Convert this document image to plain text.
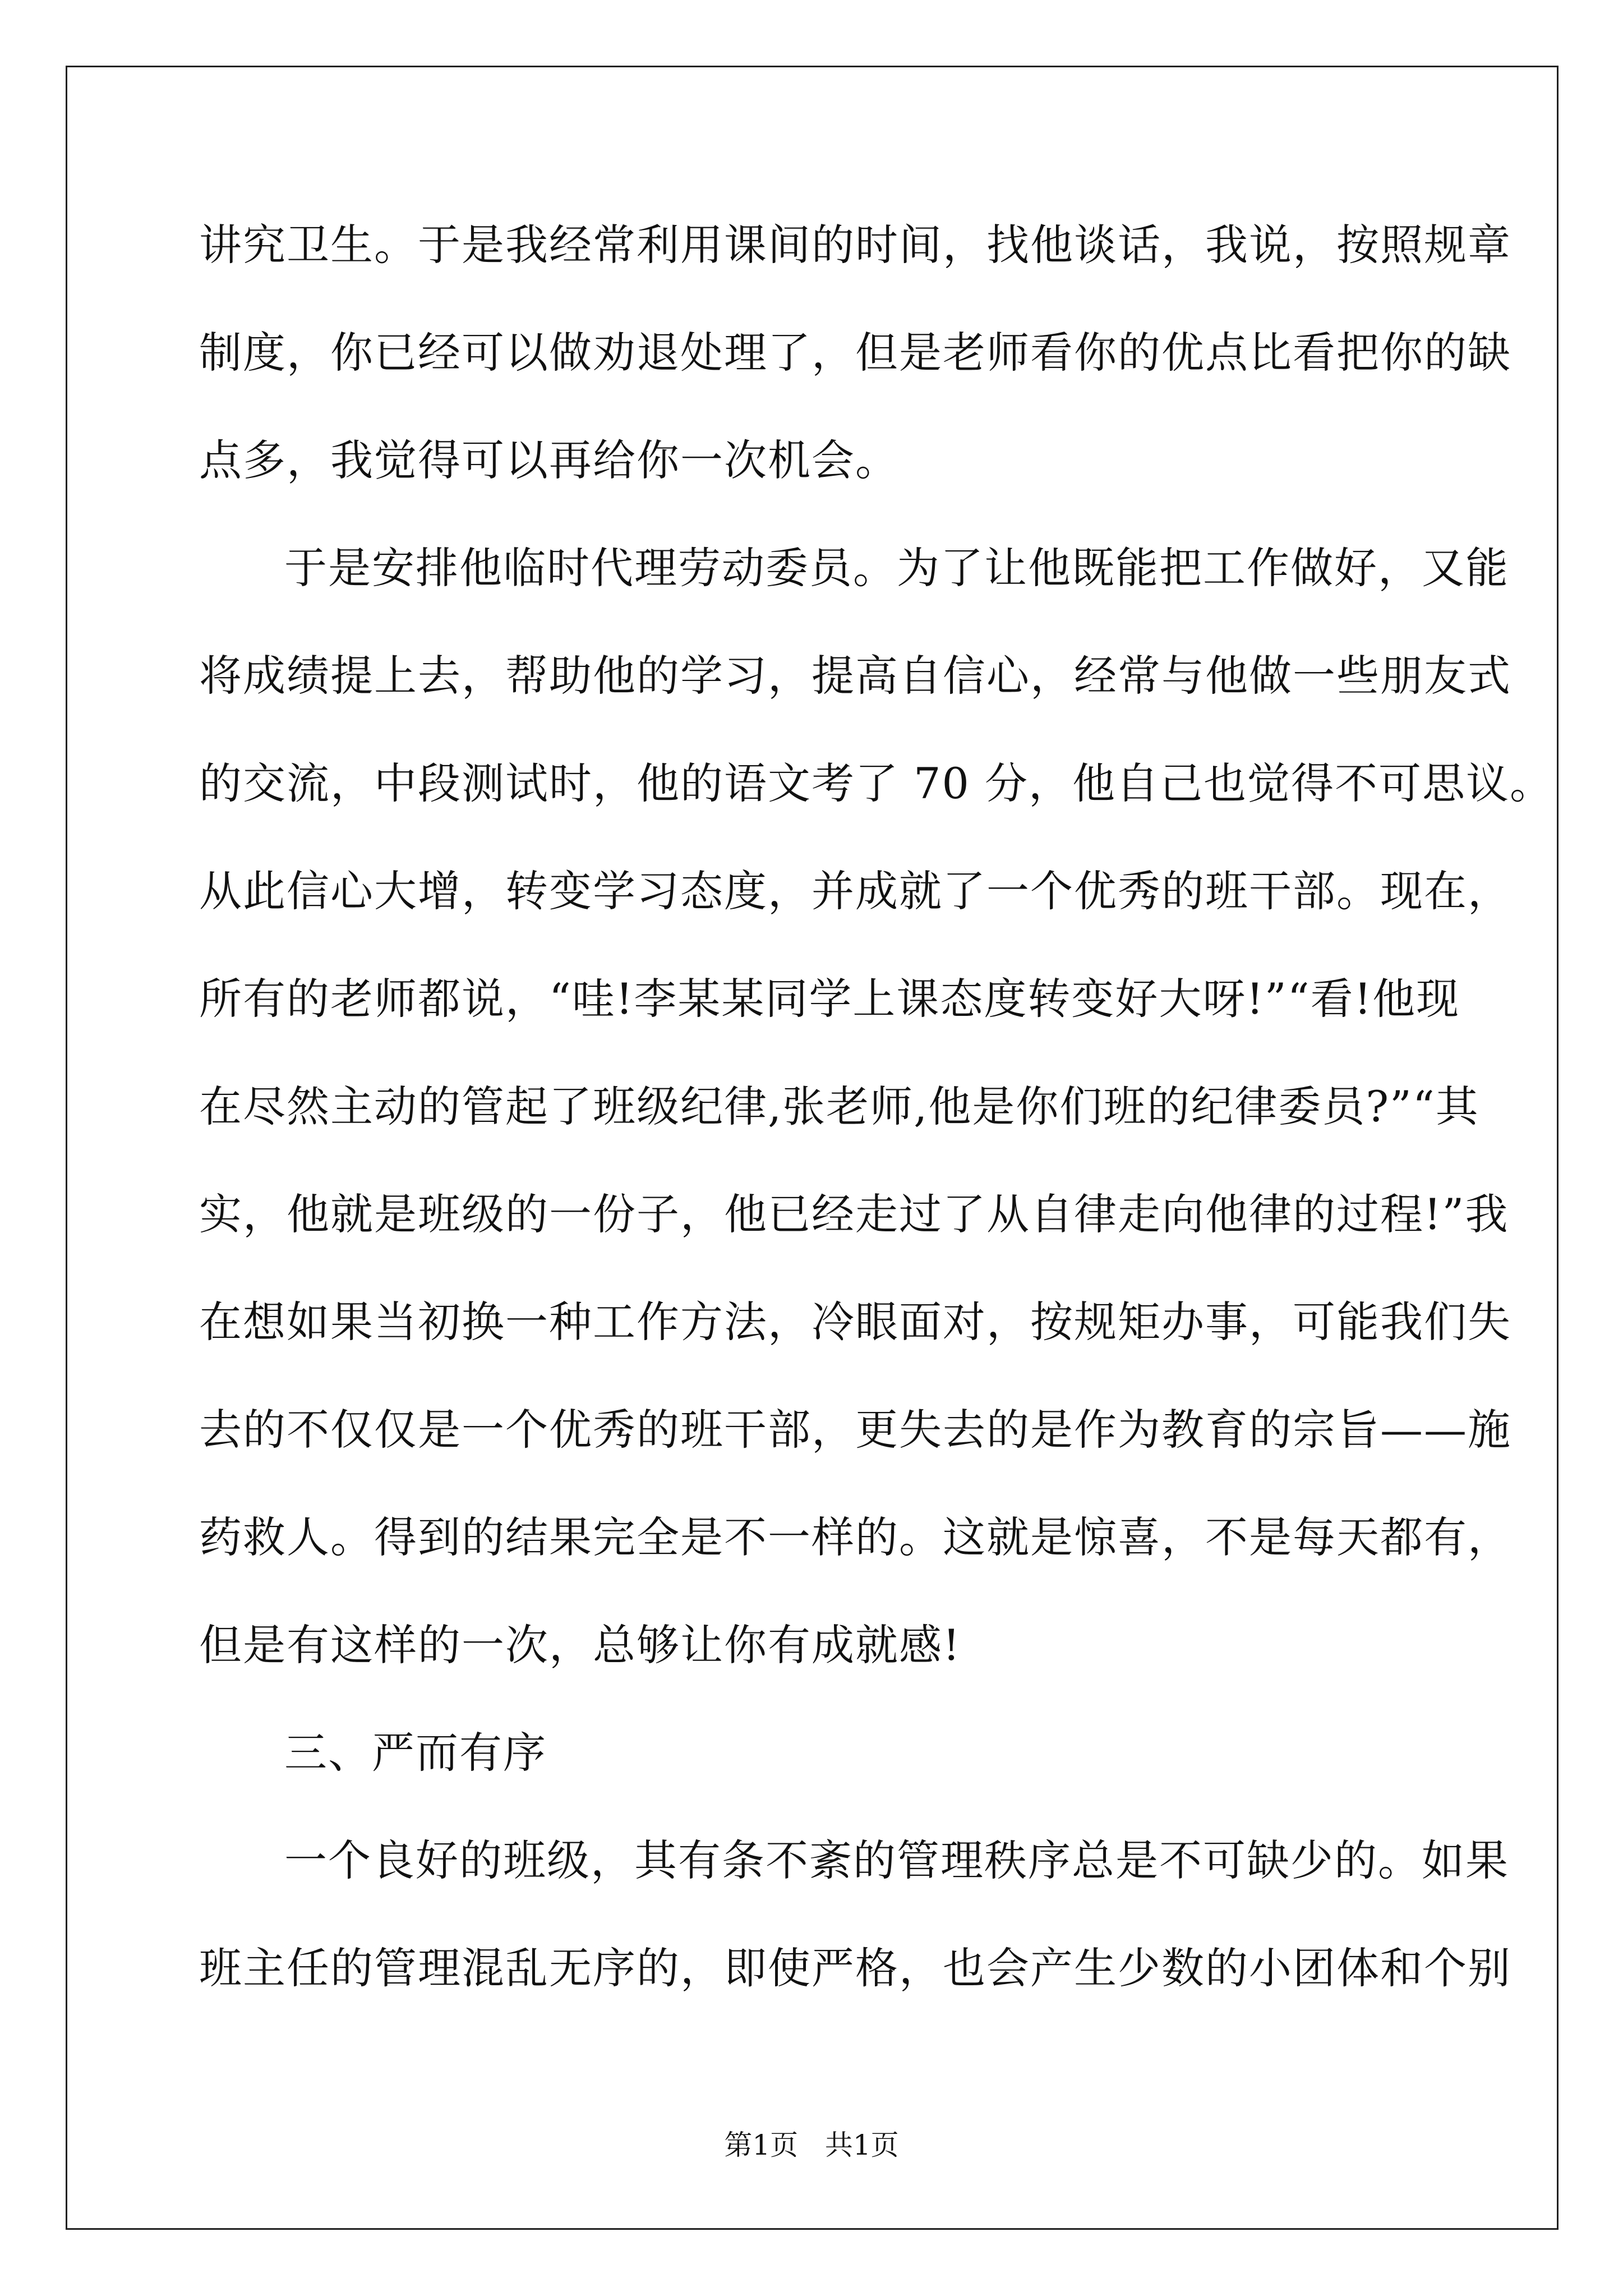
讲究卫生。于是我经常利用课间的时间，找他谈话，我说，按照规章
制度，你已经可以做劝退处理了，但是老师看你的优点比看把你的缺
点多，我觉得可以再给你一次机会。
于是安排他临时代理劳动委员。为了让他既能把工作做好，又能
将成绩提上去，帮助他的学习，提高自信心，经常与他做一些朋友式
的交流，中段测试时，他的语文考了 70 分，他自己也觉得不可思议。
从此信心大增，转变学习态度，并成就了一个优秀的班干部。现在，
所有的老师都说，“哇!李某某同学上课态度转变好大呀!”“看!他现
在尽然主动的管起了班级纪律,张老师,他是你们班的纪律委员?”“其
实，他就是班级的一份子，他已经走过了从自律走向他律的过程!”我
在想如果当初换一种工作方法，冷眼面对，按规矩办事，可能我们失
去的不仅仅是一个优秀的班干部，更失去的是作为教育的宗旨——施
药救人。得到的结果完全是不一样的。这就是惊喜，不是每天都有，
但是有这样的一次，总够让你有成就感!
三、严而有序
一个良好的班级，其有条不紊的管理秩序总是不可缺少的。如果
班主任的管理混乱无序的，即使严格，也会产生少数的小团体和个别
第1页   共1页
